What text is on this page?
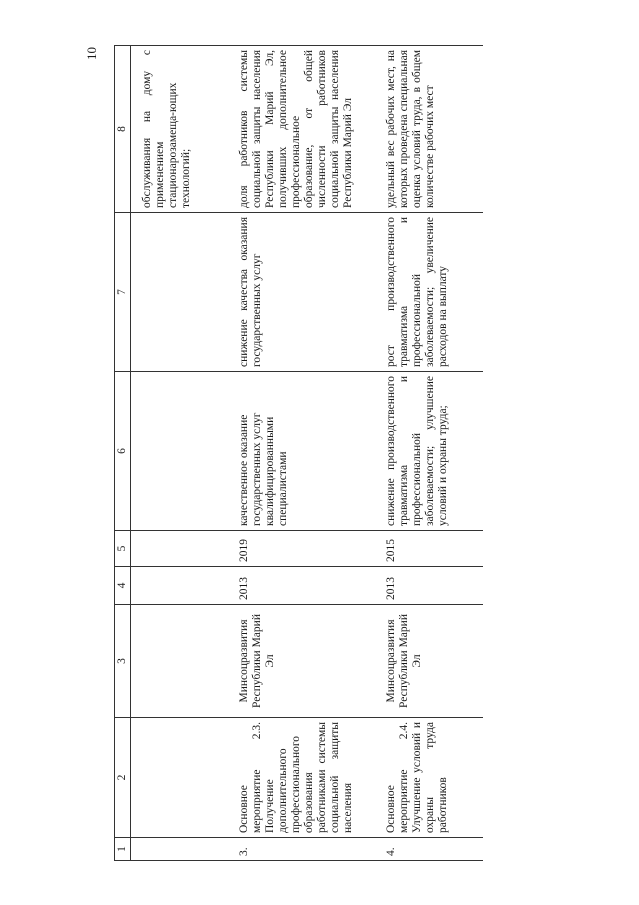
10
1	2	3	4	5	6	7	8
							обслуживания на дому с применением стационарозамеща-ющих технологий;
3.	Основное мероприятие 2.3. Получение дополнительного профессионального образования работниками системы социальной защиты населения	Минсоцразвития Республики Марий Эл	2013	2019	качественное оказание государственных услуг квалифицированными специалистами	снижение качества оказания государственных услуг	доля работников системы социальной защиты населения Республики Марий Эл, получивших дополнительное профессиональное образование, от общей численности работников социальной защиты населения Республики Марий Эл
4.	Основное мероприятие 2.4. Улучшение условий и охраны труда работников	Минсоцразвития Республики Марий Эл	2013	2015	снижение производственного травматизма и профессиональной заболеваемости; улучшение условий и охраны труда;	рост производственного травматизма и профессиональной заболеваемости; увеличение расходов на выплату	удельный вес рабочих мест, на которых проведена специальная оценка условий труда, в общем количестве рабочих мест
